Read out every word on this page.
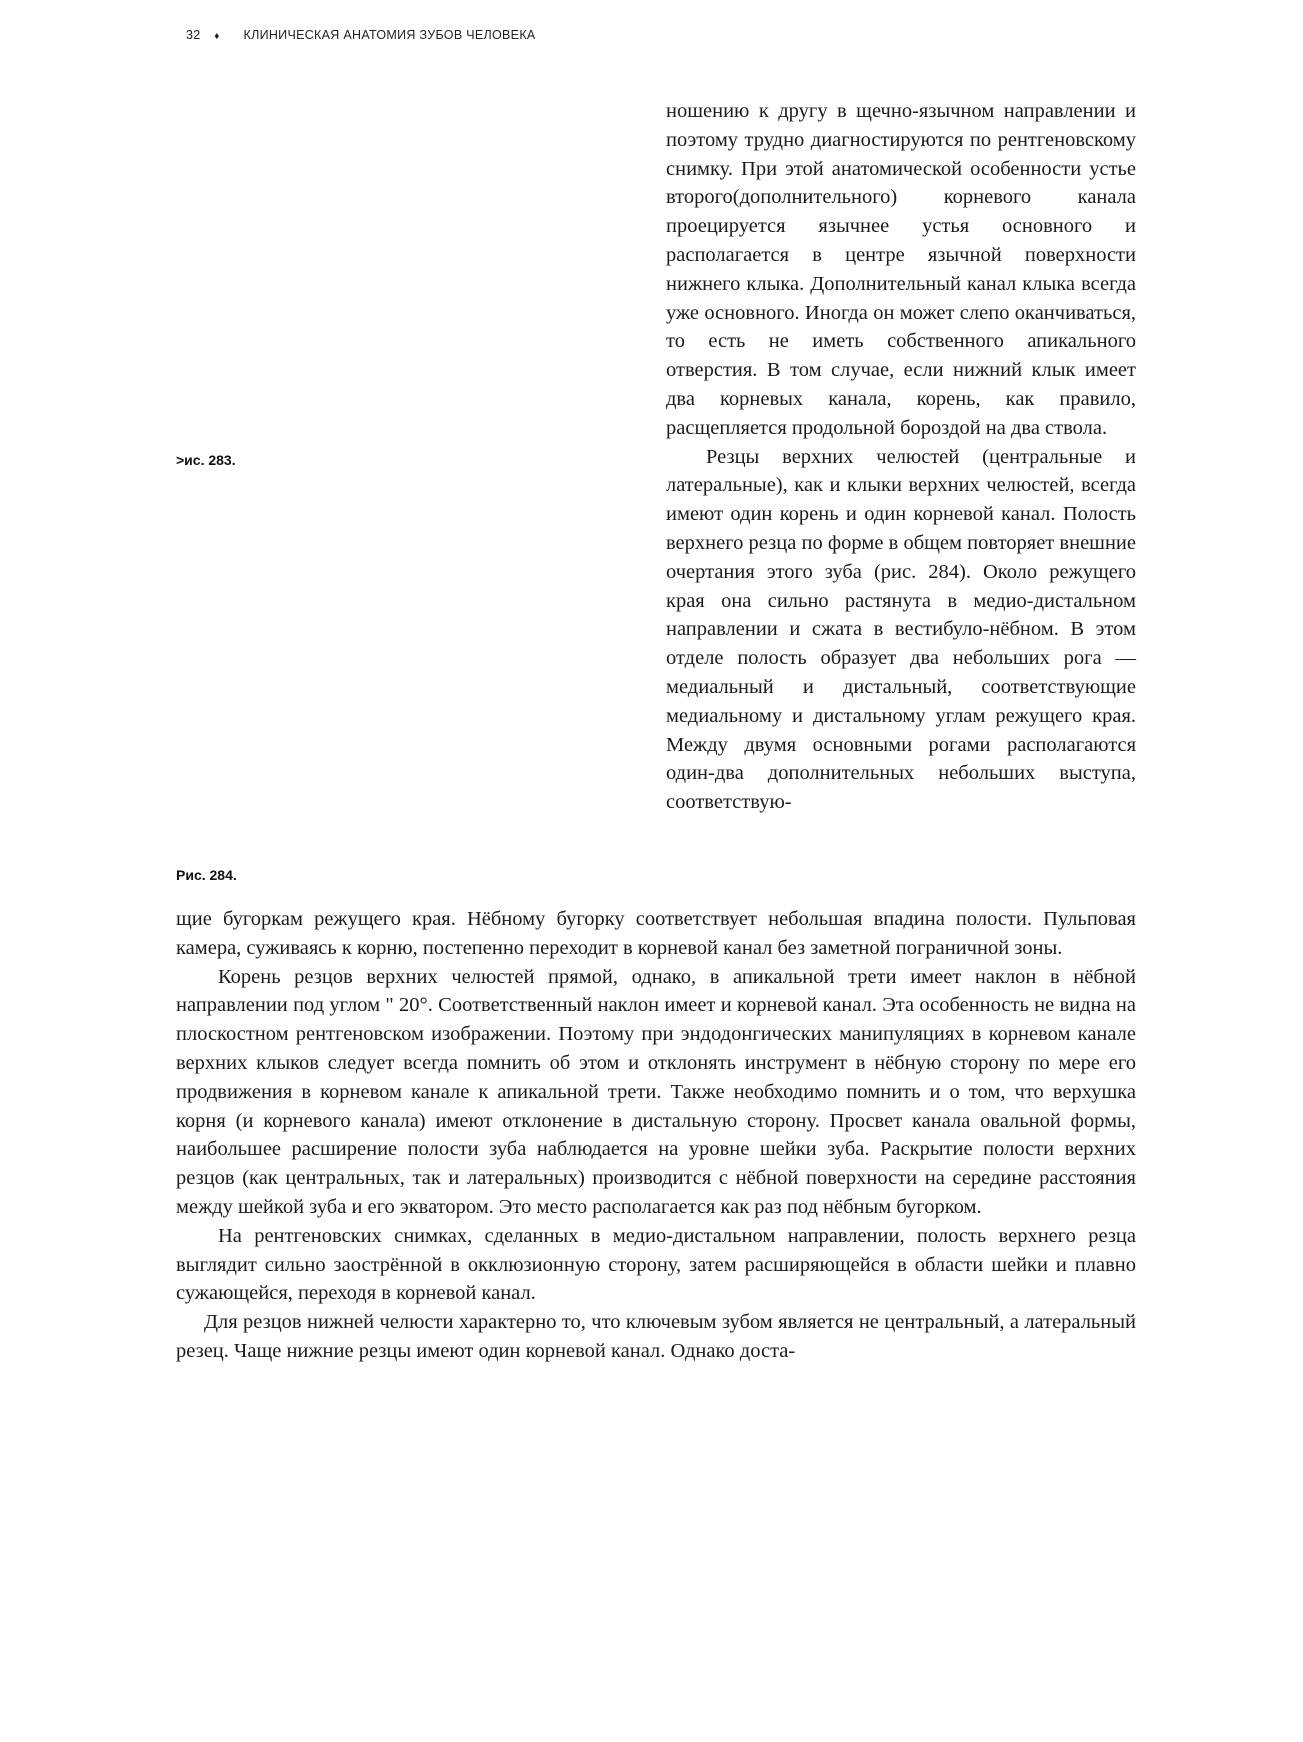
32 ♦ КЛИНИЧЕСКАЯ АНАТОМИЯ ЗУБОВ ЧЕЛОВЕКА
>ис. 283.
Рис. 284.

ношению к другу в щечно-язычном направлении и поэтому трудно диагностируются по рентгеновскому снимку. При этой анатомической особенности устье второго(дополнительного) корневого канала проецируется язычнее устья основного и располагается в центре язычной поверхности нижнего клыка. Дополнительный канал клыка всегда уже основного. Иногда он может слепо оканчиваться, то есть не иметь собственного апикального отверстия. В том случае, если нижний клык имеет два корневых канала, корень, как правило, расщепляется продольной бороздой на два ствола.

Резцы верхних челюстей (центральные и латеральные), как и клыки верхних челюстей, всегда имеют один корень и один корневой канал. Полость верхнего резца по форме в общем повторяет внешние очертания этого зуба (рис. 284). Около режущего края она сильно растянута в медио-дистальном направлении и сжата в вестибуло-нёбном. В этом отделе полость образует два небольших рога — медиальный и дистальный, соответствующие медиальному и дистальному углам режущего края. Между двумя основными рогами располагаются один-два дополнительных небольших выступа, соответствую-

щие бугоркам режущего края. Нёбному бугорку соответствует небольшая впадина полости. Пульповая камера, суживаясь к корню, постепенно переходит в корневой канал без заметной пограничной зоны.

Корень резцов верхних челюстей прямой, однако, в апикальной трети имеет наклон в нёбной направлении под углом " 20°. Соответственный наклон имеет и корневой канал. Эта особенность не видна на плоскостном рентгеновском изображении. Поэтому при эндодонгических манипуляциях в корневом канале верхних клыков следует всегда помнить об этом и отклонять инструмент в нёбную сторону по мере его продвижения в корневом канале к апикальной трети. Также необходимо помнить и о том, что верхушка корня (и корневого канала) имеют отклонение в дистальную сторону. Просвет канала овальной формы, наибольшее расширение полости зуба наблюдается на уровне шейки зуба. Раскрытие полости верхних резцов (как центральных, так и латеральных) производится с нёбной поверхности на середине расстояния между шейкой зуба и его экватором. Это место располагается как раз под нёбным бугорком.

На рентгеновских снимках, сделанных в медио-дистальном направлении, полость верхнего резца выглядит сильно заострённой в окклюзионную сторону, затем расширяющейся в области шейки и плавно сужающейся, переходя в корневой канал.

Для резцов нижней челюсти характерно то, что ключевым зубом является не центральный, а латеральный резец. Чаще нижние резцы имеют один корневой канал. Однако доста-
